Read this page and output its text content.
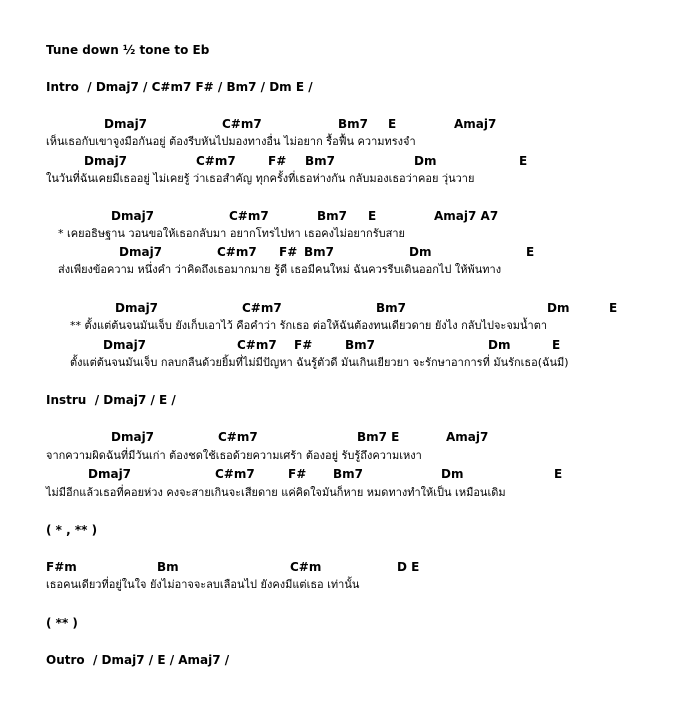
Tune down ½ tone to Eb
Intro  / Dmaj7 / C#m7 F# / Bm7 / Dm E /
Dmaj7	C#m7	Bm7 E	Amaj7
เห็นเธอกับเขาจูงมือกันอยู่ ต้องรีบหันไปมองทางอื่น ไม่อยาก รื้อฟื้น ความทรงจำ
Dmaj7	C#m7	F# Bm7	Dm	E
ในวันที่ฉันเคยมีเธออยู่ ไม่เคยรู้ ว่าเธอสำคัญ ทุกครั้งที่เธอห่างกัน กลับมองเธอว่าคอย วุ่นวาย
Dmaj7	C#m7	Bm7 E	Amaj7 A7
* เคยอธิษฐาน วอนขอให้เธอกลับมา อยากโทรไปหา เธอคงไม่อยากรับสาย
Dmaj7	C#m7 F# Bm7	Dm	E
ส่งเพียงข้อความ หนึ่งคำ ว่าคิดถึงเธอมากมาย รู้ดี เธอมีคนใหม่ ฉันควรรีบเดินออกไป ให้พ้นทาง
Dmaj7	C#m7	Bm7	Dm	E
** ตั้งแต่ต้นจนมันเจ็บ ยังเก็บเอาไว้ คือคำว่า รักเธอ ต่อให้ฉันต้องทนเดียวดาย ยังไง กลับไปจะจมน้ำตา
Dmaj7	C#m7 F#	Bm7	Dm	E
ตั้งแต่ต้นจนมันเจ็บ กลบกลืนด้วยยิ้มที่ไม่มีปัญหา ฉันรู้ตัวดี มันเกินเยียวยา จะรักษาอาการที่ มันรักเธอ(ฉันมี)
Instru  / Dmaj7 / E /
Dmaj7	C#m7	Bm7 E	Amaj7
จากความผิดฉันที่มีวันเก่า ต้องชดใช้เธอด้วยความเศร้า ต้องอยู่ รับรู้ถึงความเหงา
Dmaj7	C#m7	F# Bm7	Dm	E
ไม่มีอีกแล้วเธอที่คอยห่วง คงจะสายเกินจะเสียดาย แค่คิดใจมันก็หาย หมดทางทำให้เป็น เหมือนเดิม
( * , ** )
F#m	Bm	C#m	D E
เธอคนเดียวที่อยู่ในใจ ยังไม่อาจจะลบเลือนไป ยังคงมีแต่เธอ เท่านั้น
( ** )
Outro  / Dmaj7 / E / Amaj7 /
